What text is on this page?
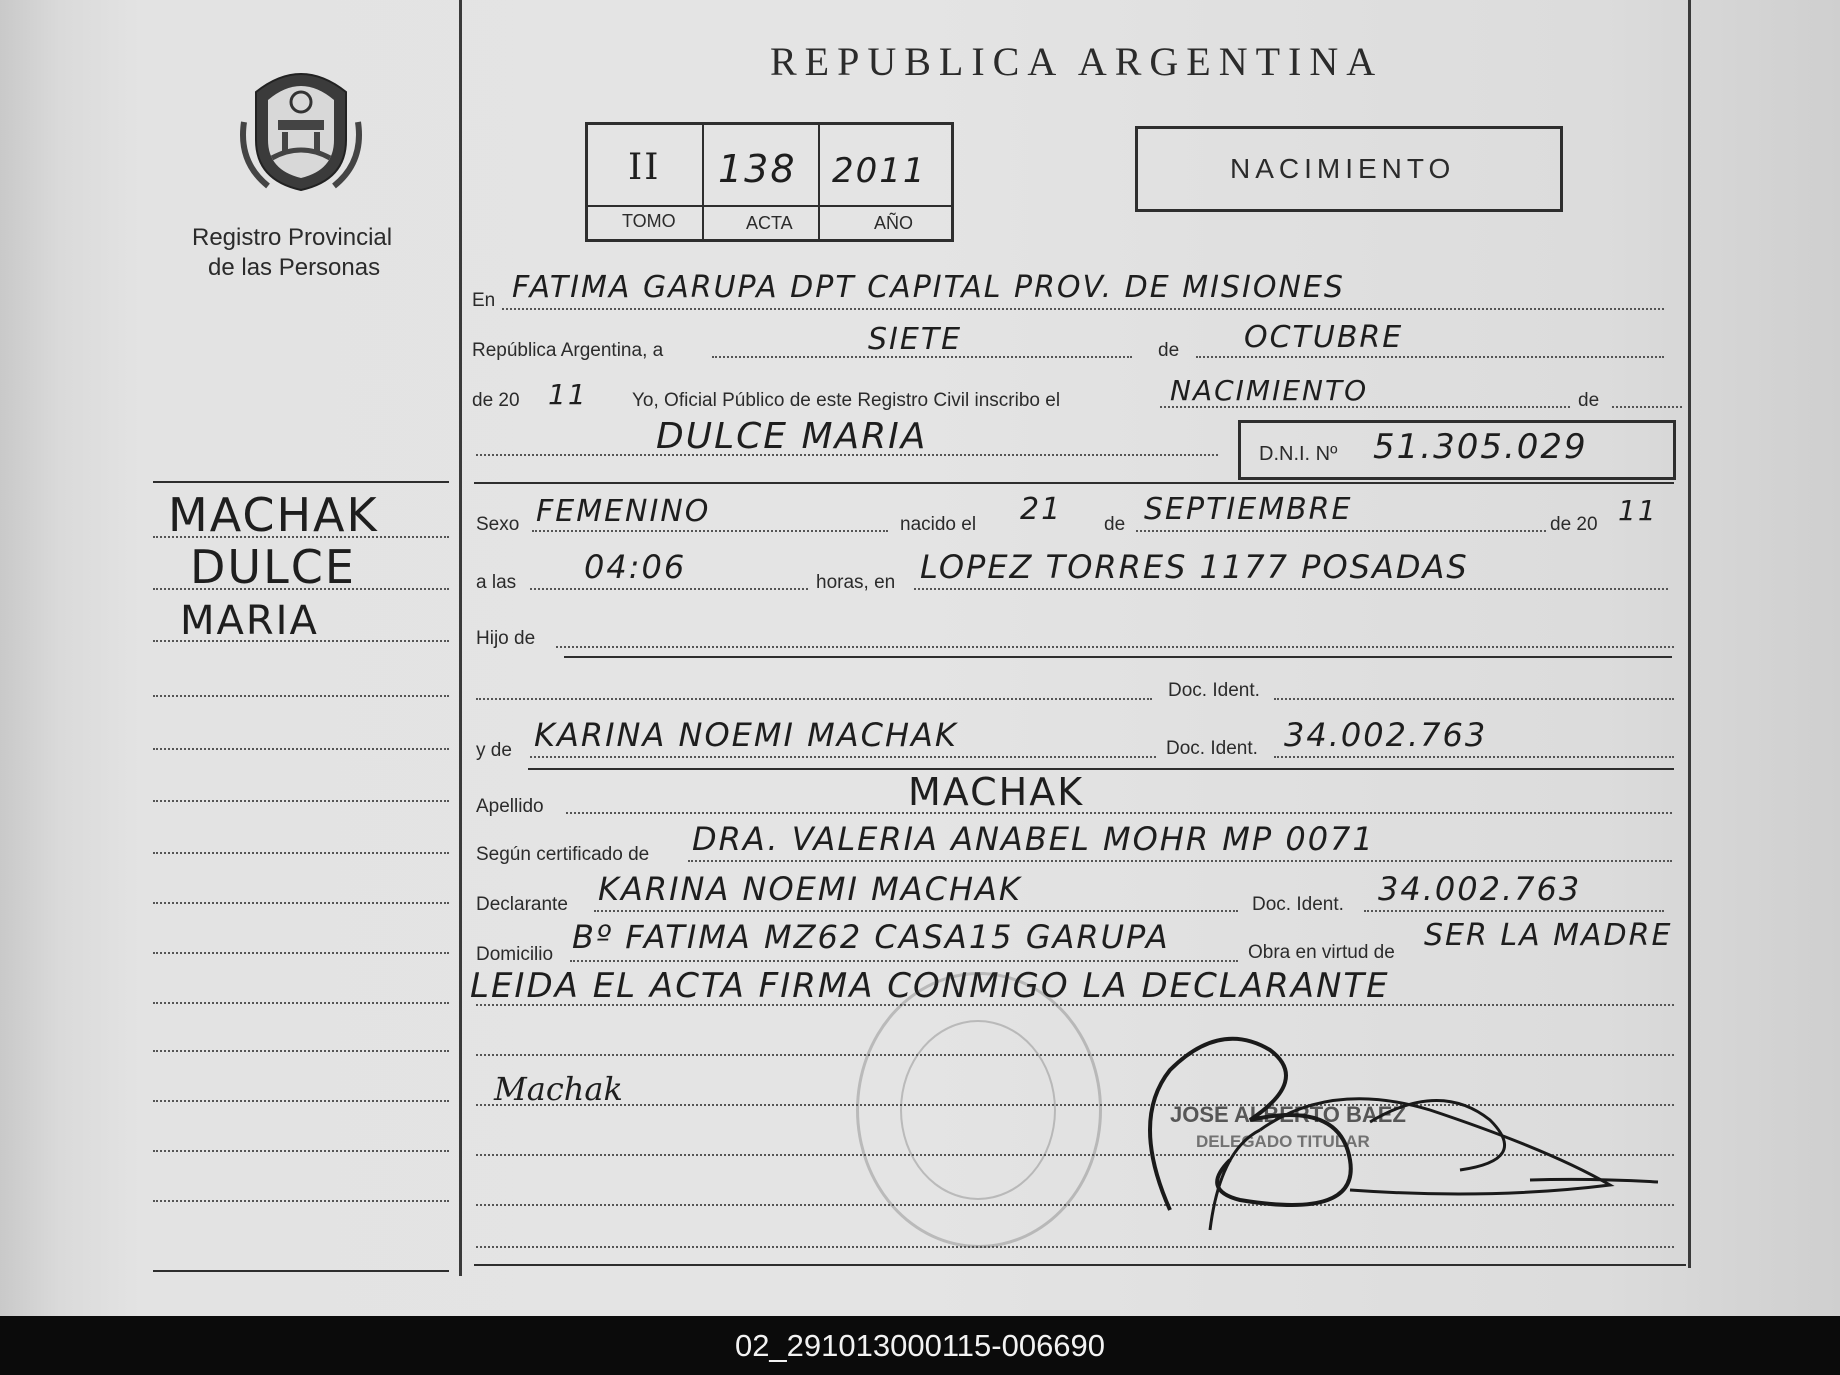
Registro Provincial
de las Personas
REPUBLICA ARGENTINA
II 138 2011
TOMO	ACTA	AÑO
NACIMIENTO
MACHAK
DULCE
MARIA
En FATIMA GARUPA DPT CAPITAL PROV. DE MISIONES
República Argentina, a	SIETE	de OCTUBRE
de 20 11 Yo, Oficial Público de este Registro Civil inscribo el	NACIMIENTO	de
DULCE MARIA	D.N.I. Nº 51.305.029
Sexo FEMENINO	nacido el 21 de SEPTIEMBRE	de 20 11
a las 04:06	horas, en LOPEZ TORRES 1177 POSADAS
Hijo de
Doc. Ident.
y de KARINA NOEMI MACHAK	Doc. Ident. 34.002.763
Apellido	MACHAK
Según certificado de DRA. VALERIA ANABEL MOHR MP 0071
Declarante KARINA NOEMI MACHAK	Doc. Ident. 34.002.763
Domicilio Bº FATIMA MZ62 CASA15 GARUPA	Obra en virtud de SER LA MADRE
LEIDA EL ACTA FIRMA CONMIGO LA DECLARANTE
Machak
JOSE ALBERTO BAEZ
DELEGADO TITULAR
02_291013000115-006690
